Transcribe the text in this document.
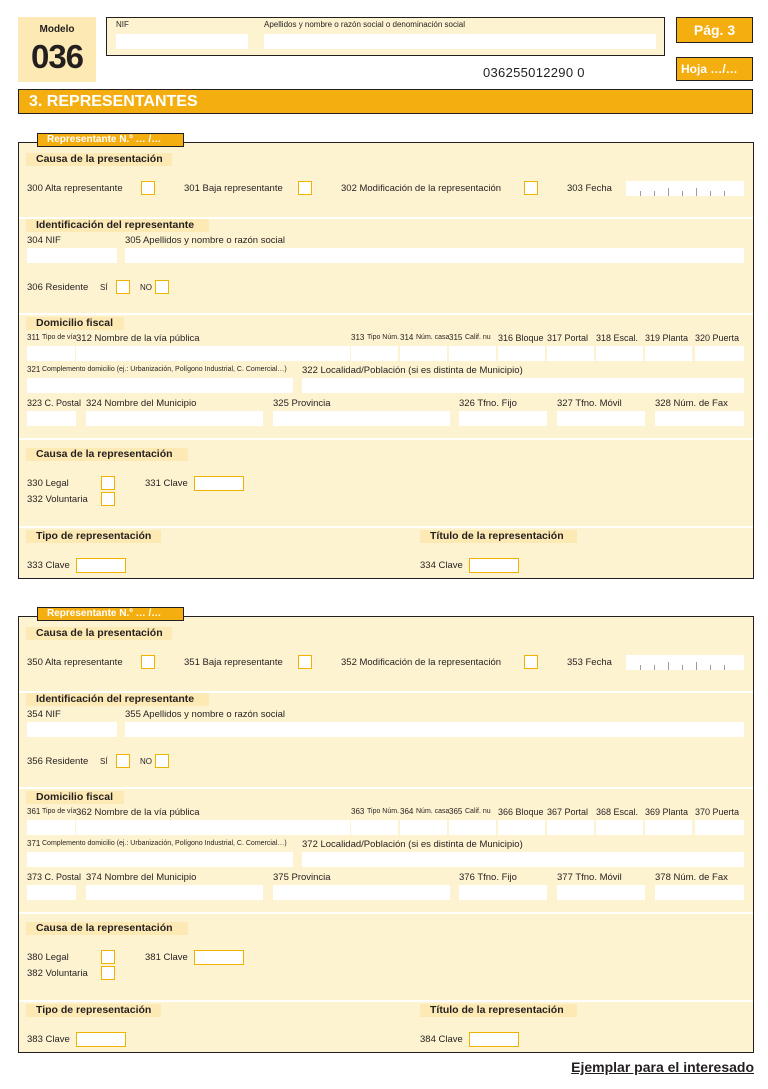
Modelo
036
NIF	Apellidos y nombre o razón social o denominación social
036255012290 0
Pág. 3
Hoja …/…
3. REPRESENTANTES
Causa de la presentación
300 Alta representante	301 Baja representante	302 Modificación de la representación	303 Fecha
Identificación del representante
304 NIF	305 Apellidos y nombre o razón social
306 Residente SÍ	NO
Domicilio fiscal
311 Tipo de vía 312 Nombre de la vía pública	313 Tipo Núm. 314 Núm. casa 315 Calif. nu 316 Bloque 317 Portal 318 Escal. 319 Planta 320 Puerta
321 Complemento domicilio (ej.: Urbanización, Polígono Industrial, C. Comercial…) 322 Localidad/Población (si es distinta de Municipio)
323 C. Postal 324 Nombre del Municipio	325 Provincia	326 Tfno. Fijo	327 Tfno. Móvil	328 Núm. de Fax
Causa de la representación
330 Legal
332 Voluntaria
331 Clave
Tipo de representación	Título de la representación
333 Clave	334 Clave
Representante N.º … /…
Causa de la presentación
350 Alta representante	351 Baja representante	352 Modificación de la representación	353 Fecha
Identificación del representante
354 NIF	355 Apellidos y nombre o razón social
356 Residente SÍ	NO
Domicilio fiscal
361 Tipo de vía 362 Nombre de la vía pública	363 Tipo Núm. 364 Núm. casa 365 Calif. nu 366 Bloque 367 Portal 368 Escal. 369 Planta 370 Puerta
371 Complemento domicilio (ej.: Urbanización, Polígono Industrial, C. Comercial…) 372 Localidad/Población (si es distinta de Municipio)
373 C. Postal 374 Nombre del Municipio	375 Provincia	376 Tfno. Fijo	377 Tfno. Móvil	378 Núm. de Fax
Causa de la representación
380 Legal
382 Voluntaria
381 Clave
Tipo de representación	Título de la representación
383 Clave	384 Clave
Representante N.º … /…
Ejemplar para el interesado
